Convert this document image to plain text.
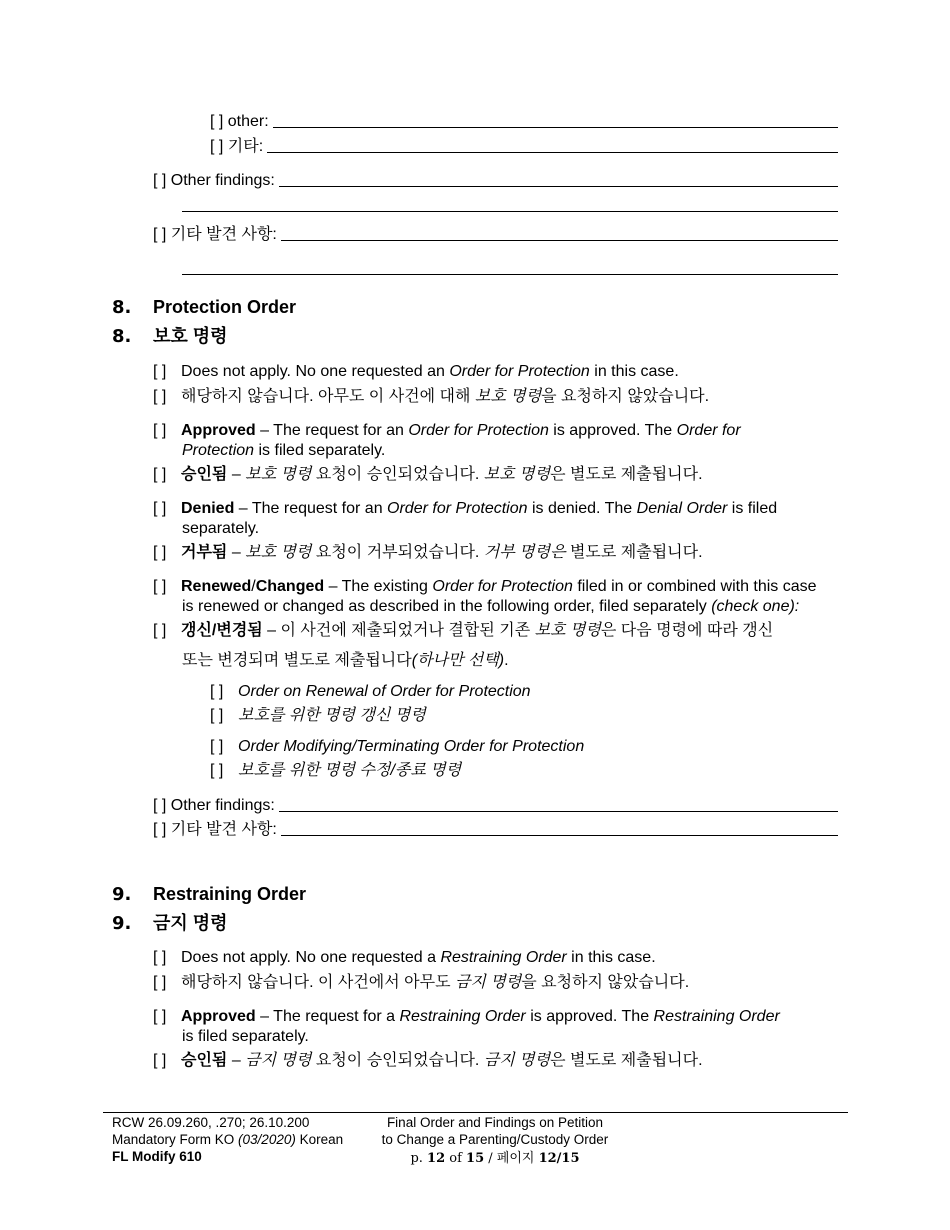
[ ] other:
[ ] 기타:
[ ] Other findings:
[ ] 기타 발견 사항:
8. Protection Order
8. 보호 명령
[ ] Does not apply. No one requested an Order for Protection in this case.
[ ] 해당하지 않습니다. 아무도 이 사건에 대해 보호 명령을 요청하지 않았습니다.
[ ] Approved – The request for an Order for Protection is approved. The Order for
Protection is filed separately.
[ ] 승인됨 – 보호 명령 요청이 승인되었습니다. 보호 명령은 별도로 제출됩니다.
[ ] Denied – The request for an Order for Protection is denied. The Denial Order is filed
separately.
[ ] 거부됨 – 보호 명령 요청이 거부되었습니다. 거부 명령은 별도로 제출됩니다.
[ ] Renewed/Changed – The existing Order for Protection filed in or combined with this case
is renewed or changed as described in the following order, filed separately (check one):
[ ] 갱신/변경됨 – 이 사건에 제출되었거나 결합된 기존 보호 명령은 다음 명령에 따라 갱신
또는 변경되며 별도로 제출됩니다(하나만 선택).
[ ] Order on Renewal of Order for Protection
[ ] 보호를 위한 명령 갱신 명령
[ ] Order Modifying/Terminating Order for Protection
[ ] 보호를 위한 명령 수정/종료 명령
[ ] Other findings:
[ ] 기타 발견 사항:
9. Restraining Order
9. 금지 명령
[ ] Does not apply. No one requested a Restraining Order in this case.
[ ] 해당하지 않습니다. 이 사건에서 아무도 금지 명령을 요청하지 않았습니다.
[ ] Approved – The request for a Restraining Order is approved. The Restraining Order
is filed separately.
[ ] 승인됨 – 금지 명령 요청이 승인되었습니다. 금지 명령은 별도로 제출됩니다.
RCW 26.09.260, .270; 26.10.200
Mandatory Form KO (03/2020) Korean
FL Modify 610
Final Order and Findings on Petition
to Change a Parenting/Custody Order
p. 12 of 15 / 페이지 12/15
